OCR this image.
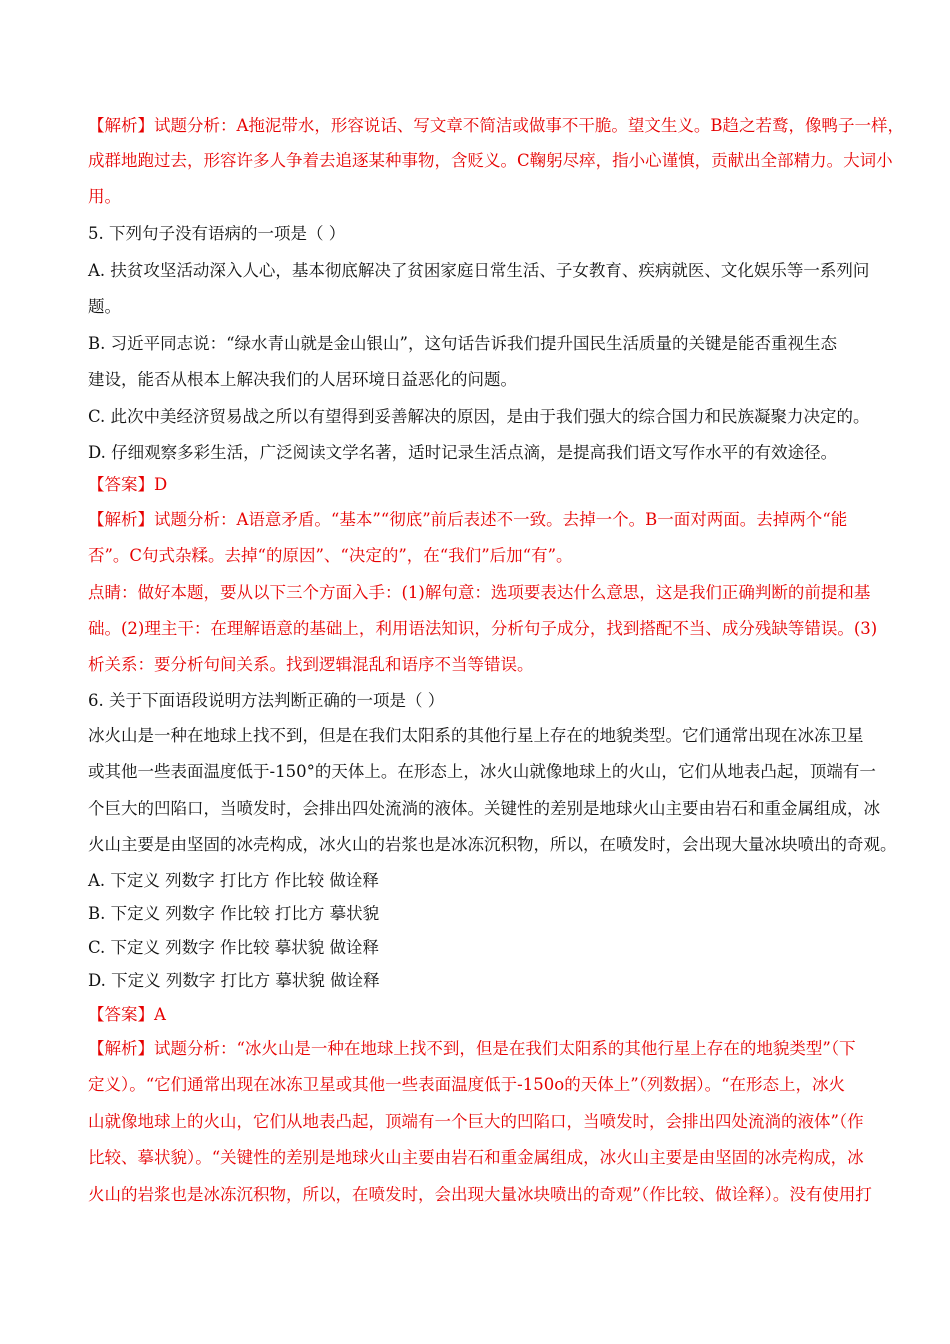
【解析】试题分析：A拖泥带水，形容说话、写文章不简洁或做事不干脆。望文生义。B趋之若鹜，像鸭子一样，
成群地跑过去，形容许多人争着去追逐某种事物，含贬义。C鞠躬尽瘁，指小心谨慎，贡献出全部精力。大词小
用。
5. 下列句子没有语病的一项是（ ）
A. 扶贫攻坚活动深入人心，基本彻底解决了贫困家庭日常生活、子女教育、疾病就医、文化娱乐等一系列问
题。
B. 习近平同志说：“绿水青山就是金山银山”，这句话告诉我们提升国民生活质量的关键是能否重视生态
建设，能否从根本上解决我们的人居环境日益恶化的问题。
C. 此次中美经济贸易战之所以有望得到妥善解决的原因，是由于我们强大的综合国力和民族凝聚力决定的。
D. 仔细观察多彩生活，广泛阅读文学名著，适时记录生活点滴，是提高我们语文写作水平的有效途径。
【答案】D
【解析】试题分析：A语意矛盾。“基本”“彻底”前后表述不一致。去掉一个。B一面对两面。去掉两个“能
否”。C句式杂糅。去掉“的原因”、“决定的”，在“我们”后加“有”。
点睛：做好本题，要从以下三个方面入手：(1)解句意：选项要表达什么意思，这是我们正确判断的前提和基
础。(2)理主干：在理解语意的基础上，利用语法知识，分析句子成分，找到搭配不当、成分残缺等错误。(3)
析关系：要分析句间关系。找到逻辑混乱和语序不当等错误。
6. 关于下面语段说明方法判断正确的一项是（ ）
冰火山是一种在地球上找不到，但是在我们太阳系的其他行星上存在的地貌类型。它们通常出现在冰冻卫星
或其他一些表面温度低于-150°的天体上。在形态上，冰火山就像地球上的火山，它们从地表凸起，顶端有一
个巨大的凹陷口，当喷发时，会排出四处流淌的液体。关键性的差别是地球火山主要由岩石和重金属组成，冰
火山主要是由坚固的冰壳构成，冰火山的岩浆也是冰冻沉积物，所以，在喷发时，会出现大量冰块喷出的奇观。
A. 下定义 列数字 打比方 作比较 做诠释
B. 下定义 列数字 作比较 打比方 摹状貌
C. 下定义 列数字 作比较 摹状貌 做诠释
D. 下定义 列数字 打比方 摹状貌 做诠释
【答案】A
【解析】试题分析：“冰火山是一种在地球上找不到，但是在我们太阳系的其他行星上存在的地貌类型”（下
定义）。“它们通常出现在冰冻卫星或其他一些表面温度低于-150o的天体上”（列数据）。“在形态上，冰火
山就像地球上的火山，它们从地表凸起，顶端有一个巨大的凹陷口，当喷发时，会排出四处流淌的液体”（作
比较、摹状貌）。“关键性的差别是地球火山主要由岩石和重金属组成，冰火山主要是由坚固的冰壳构成，冰
火山的岩浆也是冰冻沉积物，所以，在喷发时，会出现大量冰块喷出的奇观”（作比较、做诠释）。没有使用打
